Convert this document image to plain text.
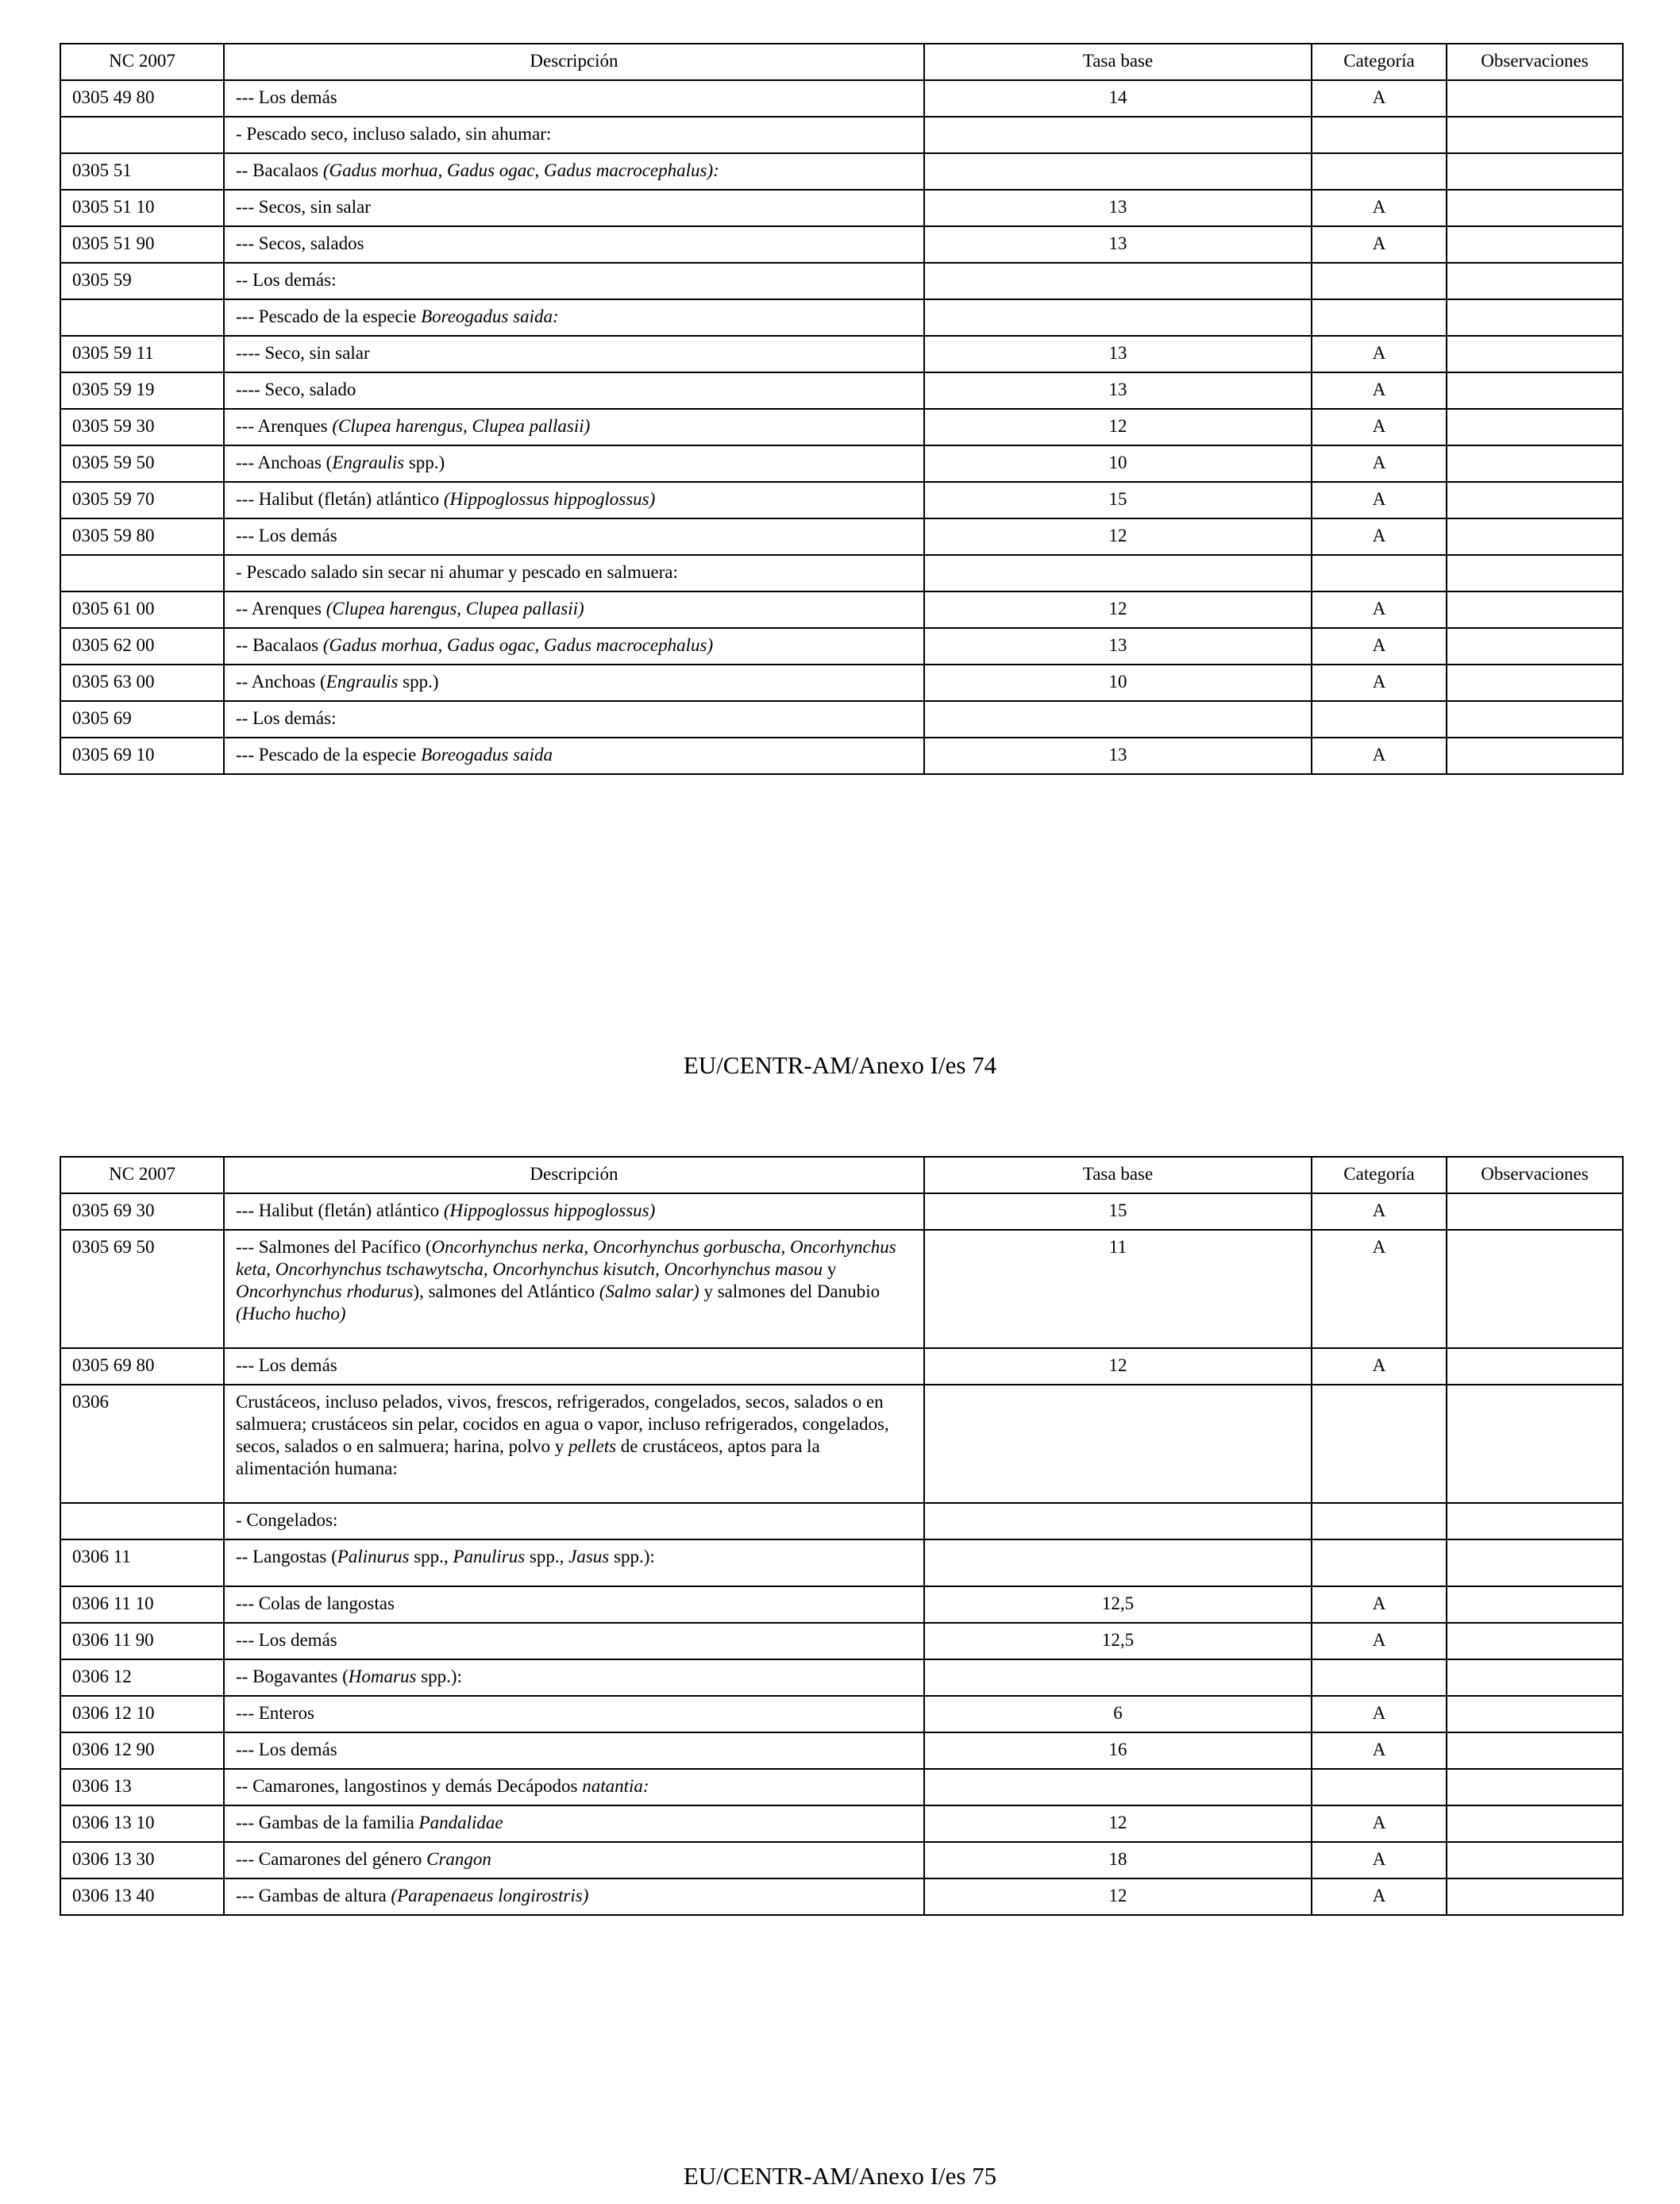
NC 2007	Descripción	Tasa base	Categoría	Observaciones
0305 49 80	--- Los demás	14	A	
	- Pescado seco, incluso salado, sin ahumar:			
0305 51	-- Bacalaos (Gadus morhua, Gadus ogac, Gadus macrocephalus):			
0305 51 10	--- Secos, sin salar	13	A	
0305 51 90	--- Secos, salados	13	A	
0305 59	-- Los demás:			
	--- Pescado de la especie Boreogadus saida:			
0305 59 11	---- Seco, sin salar	13	A	
0305 59 19	---- Seco, salado	13	A	
0305 59 30	--- Arenques (Clupea harengus, Clupea pallasii)	12	A	
0305 59 50	--- Anchoas (Engraulis spp.)	10	A	
0305 59 70	--- Halibut (fletán) atlántico (Hippoglossus hippoglossus)	15	A	
0305 59 80	--- Los demás	12	A	
	- Pescado salado sin secar ni ahumar y pescado en salmuera:			
0305 61 00	-- Arenques (Clupea harengus, Clupea pallasii)	12	A	
0305 62 00	-- Bacalaos (Gadus morhua, Gadus ogac, Gadus macrocephalus)	13	A	
0305 63 00	-- Anchoas (Engraulis spp.)	10	A	
0305 69	-- Los demás:			
0305 69 10	--- Pescado de la especie Boreogadus saida	13	A	
EU/CENTR-AM/Anexo I/es 74
NC 2007	Descripción	Tasa base	Categoría	Observaciones
0305 69 30	--- Halibut (fletán) atlántico (Hippoglossus hippoglossus)	15	A	
0305 69 50	--- Salmones del Pacífico (Oncorhynchus nerka, Oncorhynchus gorbuscha, Oncorhynchus keta, Oncorhynchus tschawytscha, Oncorhynchus kisutch, Oncorhynchus masou y Oncorhynchus rhodurus), salmones del Atlántico (Salmo salar) y salmones del Danubio (Hucho hucho)	11	A	
0305 69 80	--- Los demás	12	A	
0306	Crustáceos, incluso pelados, vivos, frescos, refrigerados, congelados, secos, salados o en salmuera; crustáceos sin pelar, cocidos en agua o vapor, incluso refrigerados, congelados, secos, salados o en salmuera; harina, polvo y pellets de crustáceos, aptos para la alimentación humana:			
	- Congelados:			
0306 11	-- Langostas (Palinurus spp., Panulirus spp., Jasus spp.):			
0306 11 10	--- Colas de langostas	12,5	A	
0306 11 90	--- Los demás	12,5	A	
0306 12	-- Bogavantes (Homarus spp.):			
0306 12 10	--- Enteros	6	A	
0306 12 90	--- Los demás	16	A	
0306 13	-- Camarones, langostinos y demás Decápodos natantia:			
0306 13 10	--- Gambas de la familia Pandalidae	12	A	
0306 13 30	--- Camarones del género Crangon	18	A	
0306 13 40	--- Gambas de altura (Parapenaeus longirostris)	12	A	
EU/CENTR-AM/Anexo I/es 75
